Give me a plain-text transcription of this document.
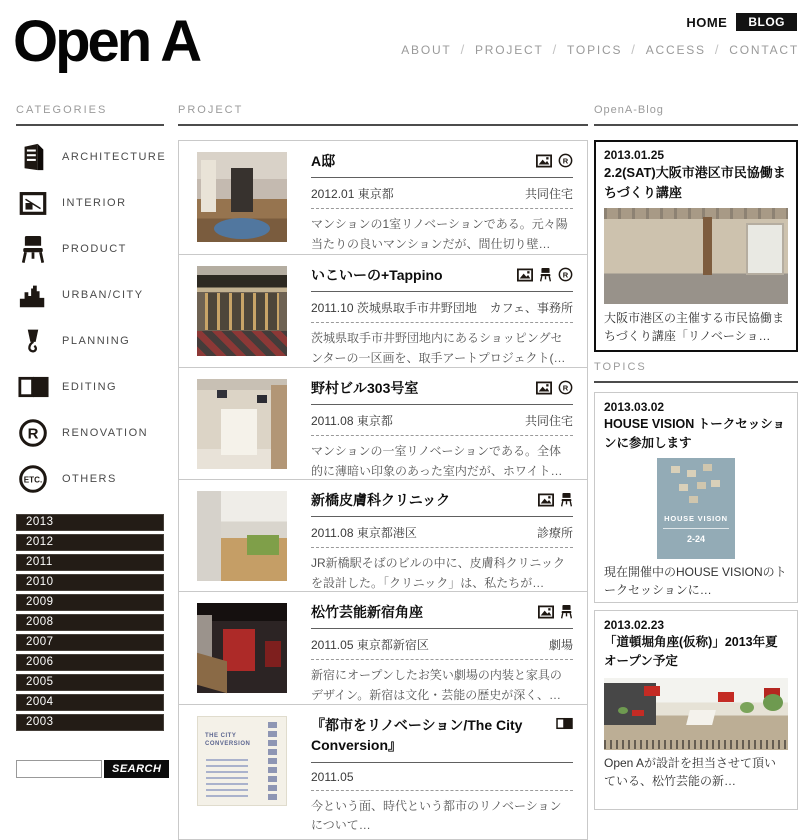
Open A	HOME	BLOG
ABOUT / PROJECT / TOPICS / ACCESS / CONTACT
CATEGORIES	PROJECT	OpenA-Blog
TOPICS
ARCHITECTURE
INTERIOR
PRODUCT
URBAN/CITY
PLANNING
EDITING
RENOVATION
OTHERS
2013
2012
2011
2010
2009
2008
2007
2006
2005
2004
2003
SEARCH
A邸
2012.01 東京都	共同住宅
マンションの1室リノベーションである。元々陽当たりの良いマンションだが、間仕切り壁…
いこいーの+Tappino
2011.10 茨城県取手市井野団地 カフェ、事務所
茨城県取手市井野団地内にあるショッピングセンターの一区画を、取手アートプロジェクト(…
野村ビル303号室
2011.08 東京都	共同住宅
マンションの一室リノベーションである。全体的に薄暗い印象のあった室内だが、ホワイト…
新橋皮膚科クリニック
2011.08 東京都港区	診療所
JR新橋駅そばのビルの中に、皮膚科クリニックを設計した。「クリニック」は、私たちが…
松竹芸能新宿角座
2011.05 東京都新宿区	劇場
新宿にオープンしたお笑い劇場の内装と家具のデザイン。新宿は文化・芸能の歴史が深く、…
THE CITY CONVERSION
『都市をリノベーション/The City Conversion』
2011.05
今という面、時代という都市のリノベーションについて…
2013.01.25
2.2(SAT)大阪市港区市民協働まちづくり講座
大阪市港区の主催する市民協働まちづくり講座「リノベーショ…
2013.03.02
HOUSE VISION トークセッションに参加します
HOUSE VISION
2-24
現在開催中のHOUSE VISIONのトークセッションに…
2013.02.23
「道頓堀角座(仮称)」2013年夏オープン予定
Open Aが設計を担当させて頂いている、松竹芸能の新…
